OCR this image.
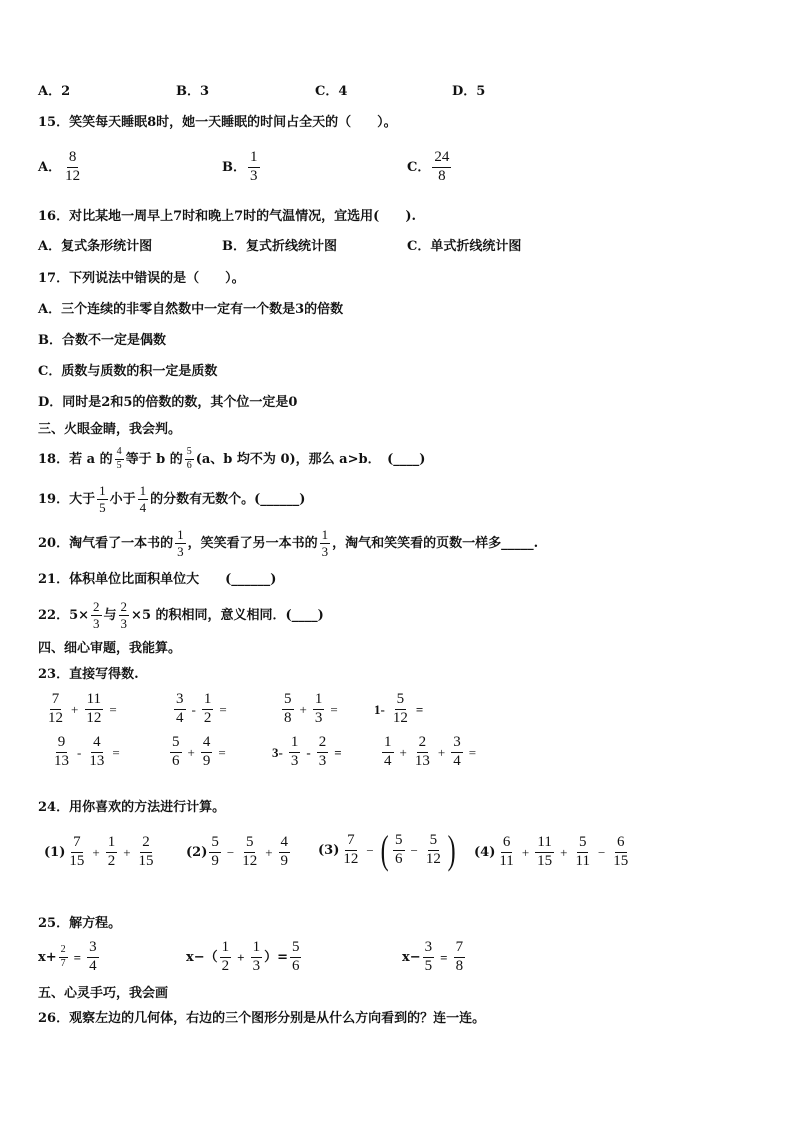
A．2	B．3	C．4	D．5
15．笑笑每天睡眠8时，她一天睡眠的时间占全天的（　　）。
A． $\frac{8}{12}$	B． $\frac{1}{3}$	C． $\frac{24}{8}$
16．对比某地一周早上7时和晚上7时的气温情况，宜选用(　　).
A．复式条形统计图	B．复式折线统计图	C．单式折线统计图
17．下列说法中错误的是（　　）。
A．三个连续的非零自然数中一定有一个数是3的倍数
B．合数不一定是偶数
C．质数与质数的积一定是质数
D．同时是2和5的倍数的数，其个位一定是0
三、火眼金睛，我会判。
18．若 a 的 $\frac{4}{5}$ 等于 b 的 $\frac{5}{6} (a$、b 均不为 0)，那么 a>b．　(____)
19．大于 $\frac{1}{5}$ 小于 $\frac{1}{4}$ 的分数有无数个。(______)
20．淘气看了一本书的 $\frac{1}{3}$ ，笑笑看了另一本书的 $\frac{1}{3}$ ，淘气和笑笑看的页数一样多_____.
21．体积单位比面积单位大　　(______)
22．$5\times \frac{2}{3}$ 与 $\frac{2}{3} \times 5$ 的积相同，意义相同．(____)
四、细心审题，我能算。
23．直接写得数.
$\frac{7}{12} + \frac{11}{12}$ =	$\frac{3}{4} - \frac{1}{2}$ =	$\frac{5}{8} + \frac{1}{3}$ =	$1- \frac{5}{12}$ =
$\frac{9}{13} - \frac{4}{13}$ =	$\frac{5}{6} + \frac{4}{9}$ =	$3- \frac{1}{3} - \frac{2}{3}$ =	$\frac{1}{4} + \frac{2}{13} + \frac{3}{4}$ =
24．用你喜欢的方法进行计算。
$(1) \frac{7}{15} + \frac{1}{2} + \frac{2}{15} (2) \frac{5}{9} - \frac{5}{12} + \frac{4}{9} (3) \frac{7}{12}$ − ( $\frac{5}{6} - \frac{5}{12}$ ) $(4) \frac{6}{11} + \frac{11}{15} + \frac{5}{11} - \frac{6}{15}$
25．解方程。
$x+ \frac{2}{7} = \frac{3}{4}$	$x-( \frac{1}{2} + \frac{1}{3}$ ）= $\frac{5}{6}$	$x- \frac{3}{5} = \frac{7}{8}$
五、心灵手巧，我会画
26．观察左边的几何体，右边的三个图形分别是从什么方向看到的？连一连。
